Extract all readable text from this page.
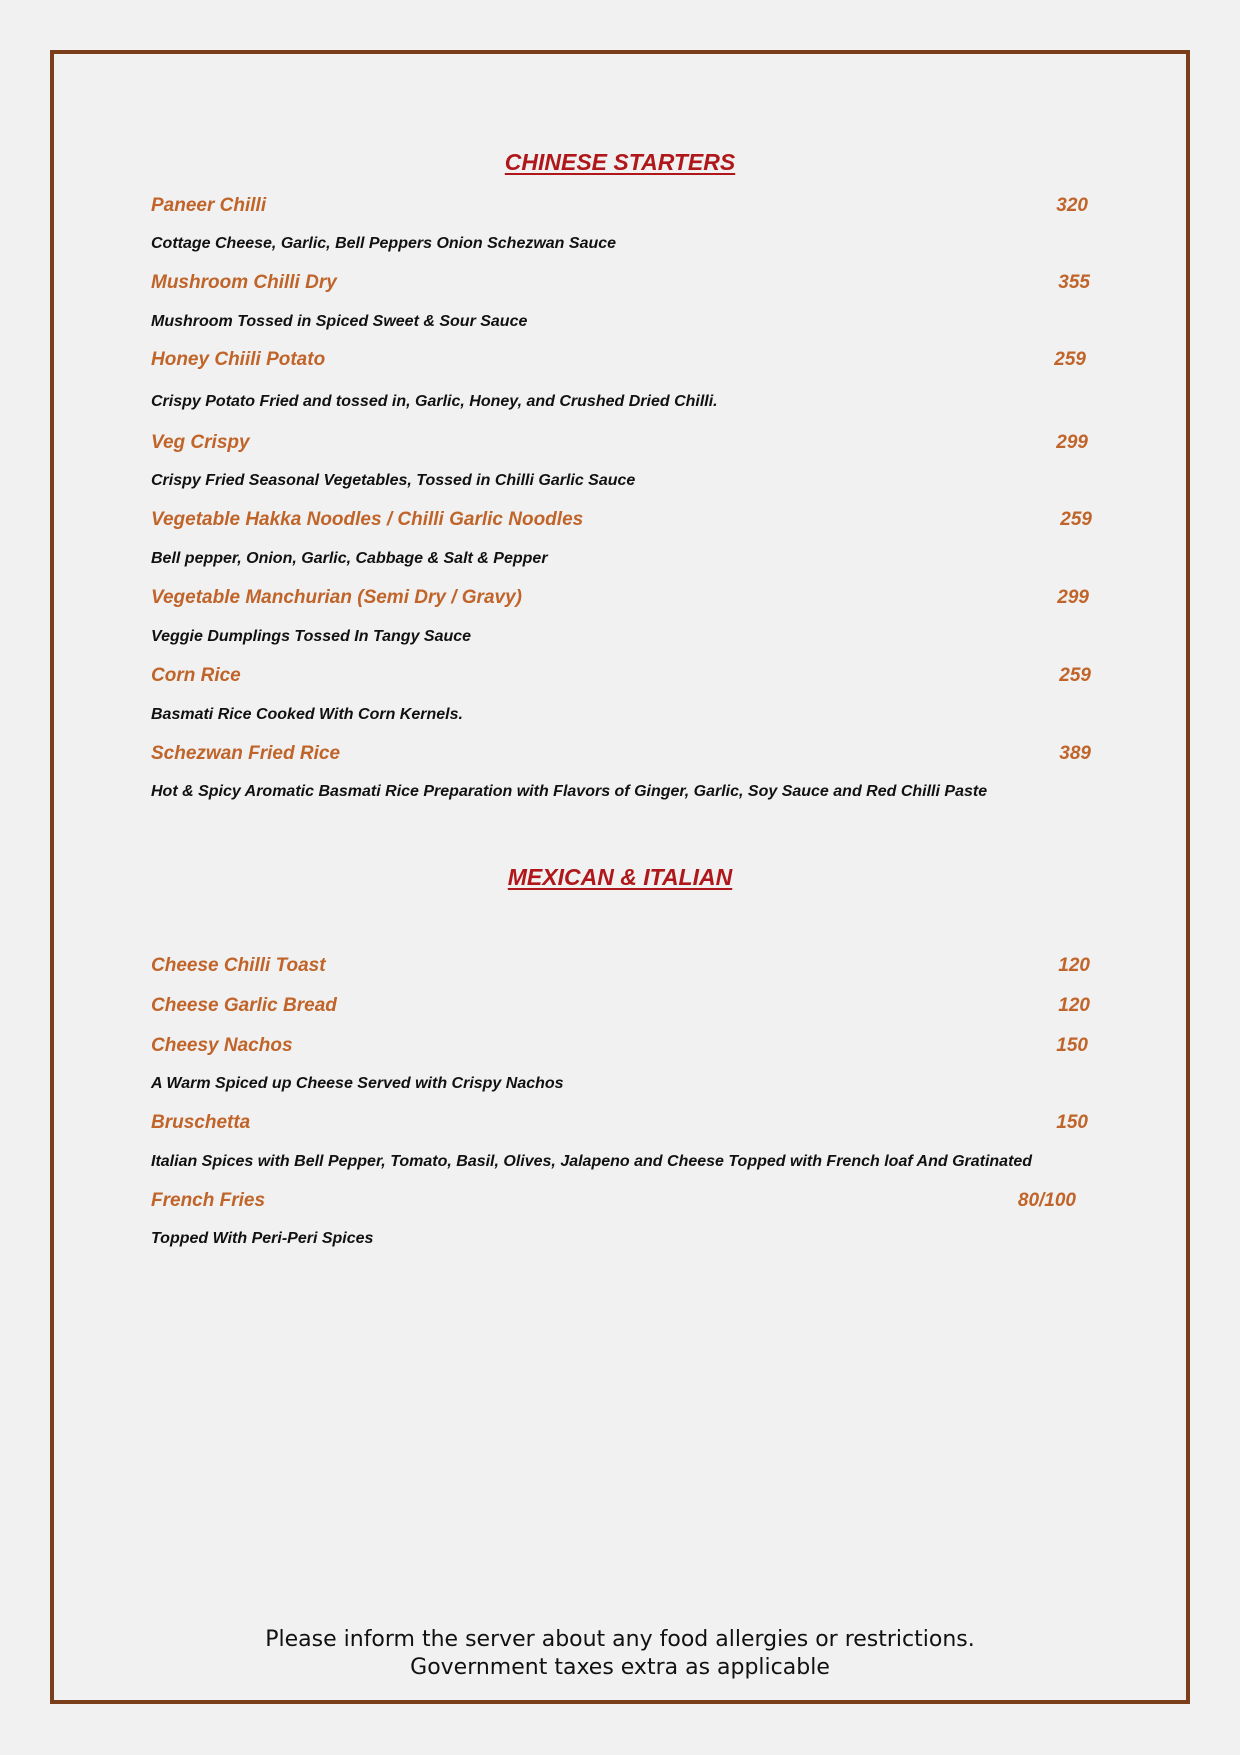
CHINESE STARTERS
Paneer Chilli	320
Cottage Cheese, Garlic, Bell Peppers Onion Schezwan Sauce
Mushroom Chilli Dry	355
Mushroom Tossed in Spiced Sweet & Sour Sauce
Honey Chiili Potato	259
Crispy Potato Fried and tossed in, Garlic, Honey, and Crushed Dried Chilli.
Veg Crispy	299
Crispy Fried Seasonal Vegetables, Tossed in Chilli Garlic Sauce
Vegetable Hakka Noodles / Chilli Garlic Noodles	259
Bell pepper, Onion, Garlic, Cabbage & Salt & Pepper
Vegetable Manchurian (Semi Dry / Gravy)	299
Veggie Dumplings Tossed In Tangy Sauce
Corn Rice	259
Basmati Rice Cooked With Corn Kernels.
Schezwan Fried Rice	389
Hot & Spicy Aromatic Basmati Rice Preparation with Flavors of Ginger, Garlic, Soy Sauce and Red Chilli Paste
MEXICAN & ITALIAN
Cheese Chilli Toast	120
Cheese Garlic Bread	120
Cheesy Nachos	150
A Warm Spiced up Cheese Served with Crispy Nachos
Bruschetta	150
Italian Spices with Bell Pepper, Tomato, Basil, Olives, Jalapeno and Cheese Topped with French loaf And Gratinated
French Fries	80/100
Topped With Peri-Peri Spices
Please inform the server about any food allergies or restrictions.
Government taxes extra as applicable
